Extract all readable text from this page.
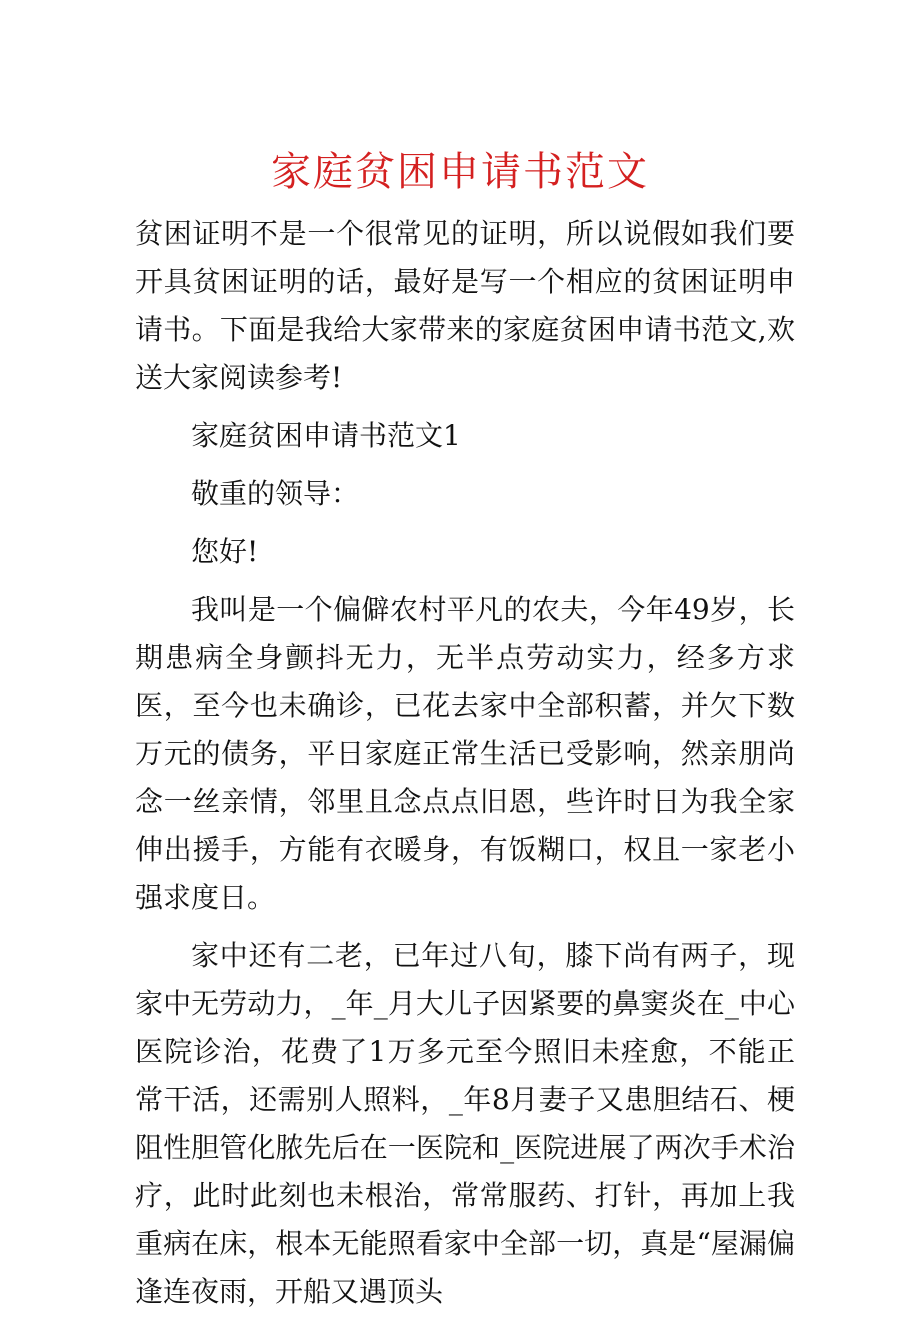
家庭贫困申请书范文

贫困证明不是一个很常见的证明，所以说假如我们要开具贫困证明的话，最好是写一个相应的贫困证明申请书。下面是我给大家带来的家庭贫困申请书范文,欢送大家阅读参考!

家庭贫困申请书范文1

敬重的领导：

您好!

我叫是一个偏僻农村平凡的农夫，今年49岁，长期患病全身颤抖无力，无半点劳动实力，经多方求医，至今也未确诊，已花去家中全部积蓄，并欠下数万元的债务，平日家庭正常生活已受影响，然亲朋尚念一丝亲情，邻里且念点点旧恩，些许时日为我全家伸出援手，方能有衣暖身，有饭糊口，权且一家老小强求度日。

家中还有二老，已年过八旬，膝下尚有两子，现家中无劳动力，_年_月大儿子因紧要的鼻窦炎在_中心医院诊治，花费了1万多元至今照旧未痊愈，不能正常干活，还需别人照料，_年8月妻子又患胆结石、梗阻性胆管化脓先后在一医院和_医院进展了两次手术治疗，此时此刻也未根治，常常服药、打针，再加上我重病在床，根本无能照看家中全部一切，真是“屋漏偏逢连夜雨，开船又遇顶头
